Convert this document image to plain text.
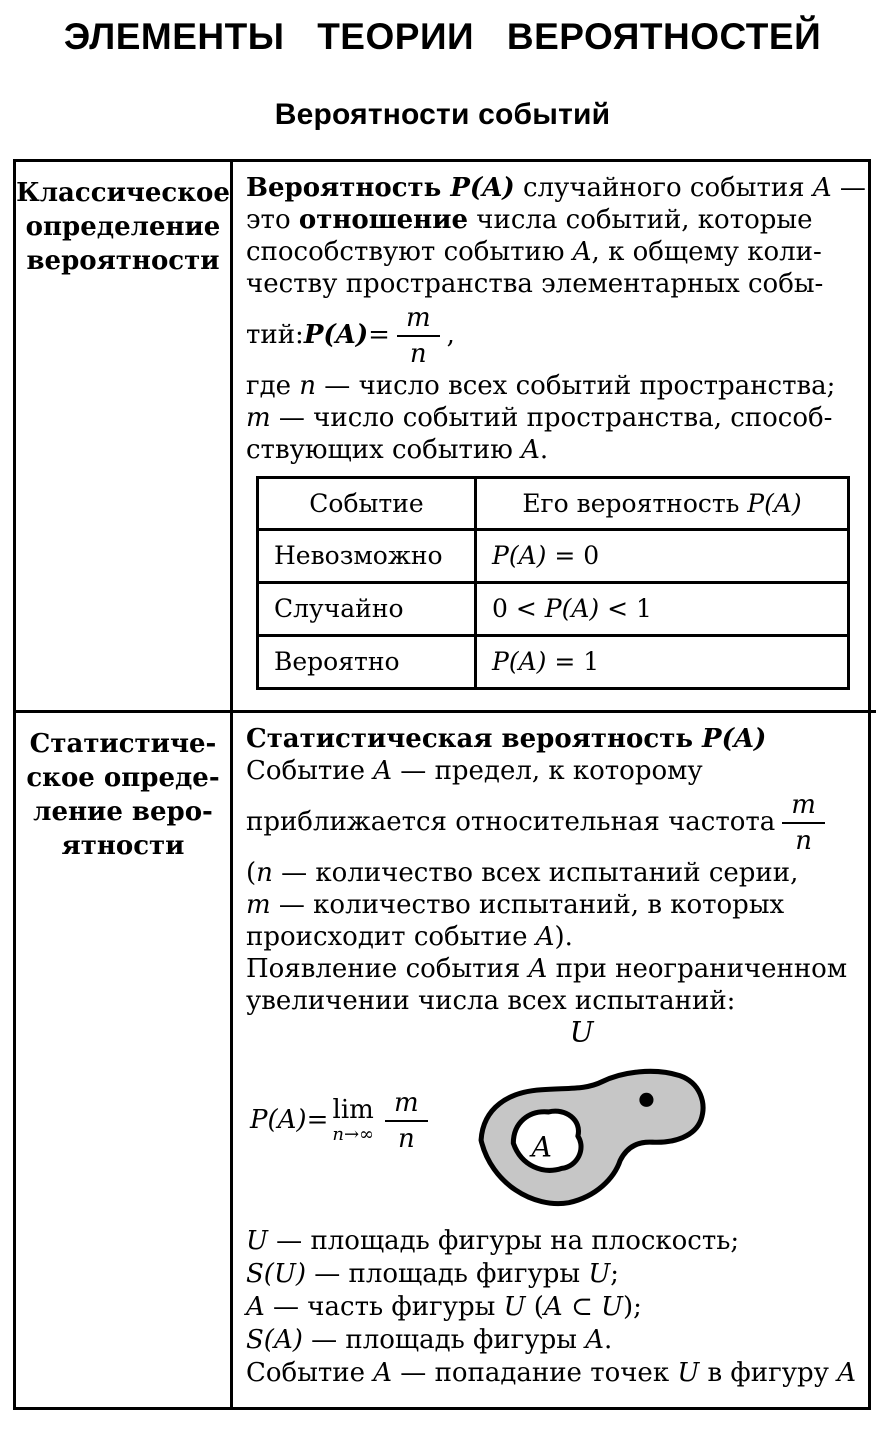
ЭЛЕМЕНТЫ ТЕОРИИ ВЕРОЯТНОСТЕЙ
Вероятности событий
Классическое
определение
вероятности
Вероятность P(A) случайного события A —
это отношение числа событий, которые
способствуют событию A, к общему коли-
честву пространства элементарных собы-
тий: $P(A) = \frac{m}{n}$ ,
где n — число всех событий пространства;
m — число событий пространства, способ-
ствующих событию A.
Событие	Его вероятность P(A)
Невозможно	P(A) = 0
Случайно	0 < P(A) < 1
Вероятно	P(A) = 1
Статистиче-
ское опреде-
ление веро-
ятности
Статистическая вероятность P(A)
Событие A — предел, к которому
приближается относительная частота $\frac{m}{n}$
(n — количество всех испытаний серии,
m — количество испытаний, в которых
происходит событие A).
Появление события A при неограниченном
увеличении числа всех испытаний:
P(A) = lim
$n\to\infty \frac{m}{n}$
U
A
U — площадь фигуры на плоскость;
S(U) — площадь фигуры U;
A — часть фигуры U (A ⊂ U);
S(A) — площадь фигуры A.
Событие A — попадание точек U в фигуру A
